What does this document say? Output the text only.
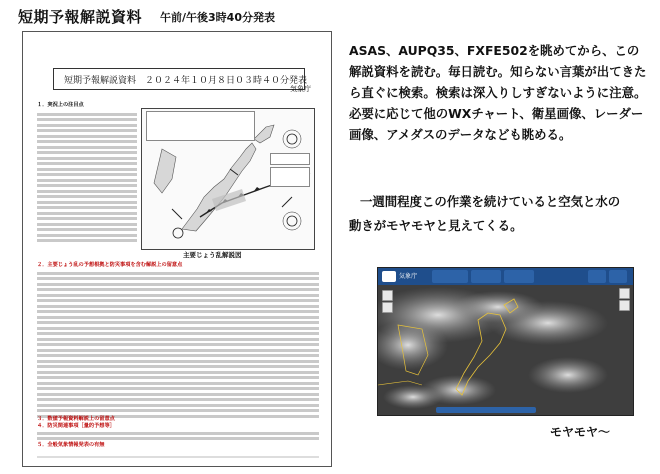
短期予報解説資料 午前/午後3時40分発表
短期予報解説資料　２０２４年１０月８日０３時４０分発表
気象庁
１．実況上の注目点
主要じょう乱解説図
２．主要じょう乱の予想根拠と防災事項を含む解説上の留意点
３．数値予報資料解説上の留意点
４．防災関連事項［量的予想等］
５．全般気象情報発表の有無
ASAS、AUPQ35、FXFE502を眺めてから、この解説資料を読む。毎日読む。知らない言葉が出てきたら直ぐに検索。検索は深入りしすぎないように注意。必要に応じて他のWXチャート、衛星画像、レーダー画像、アメダスのデータなども眺める。
一週間程度この作業を続けていると空気と水の
動きがモヤモヤと見えてくる。
気象庁
モヤモヤ〜
